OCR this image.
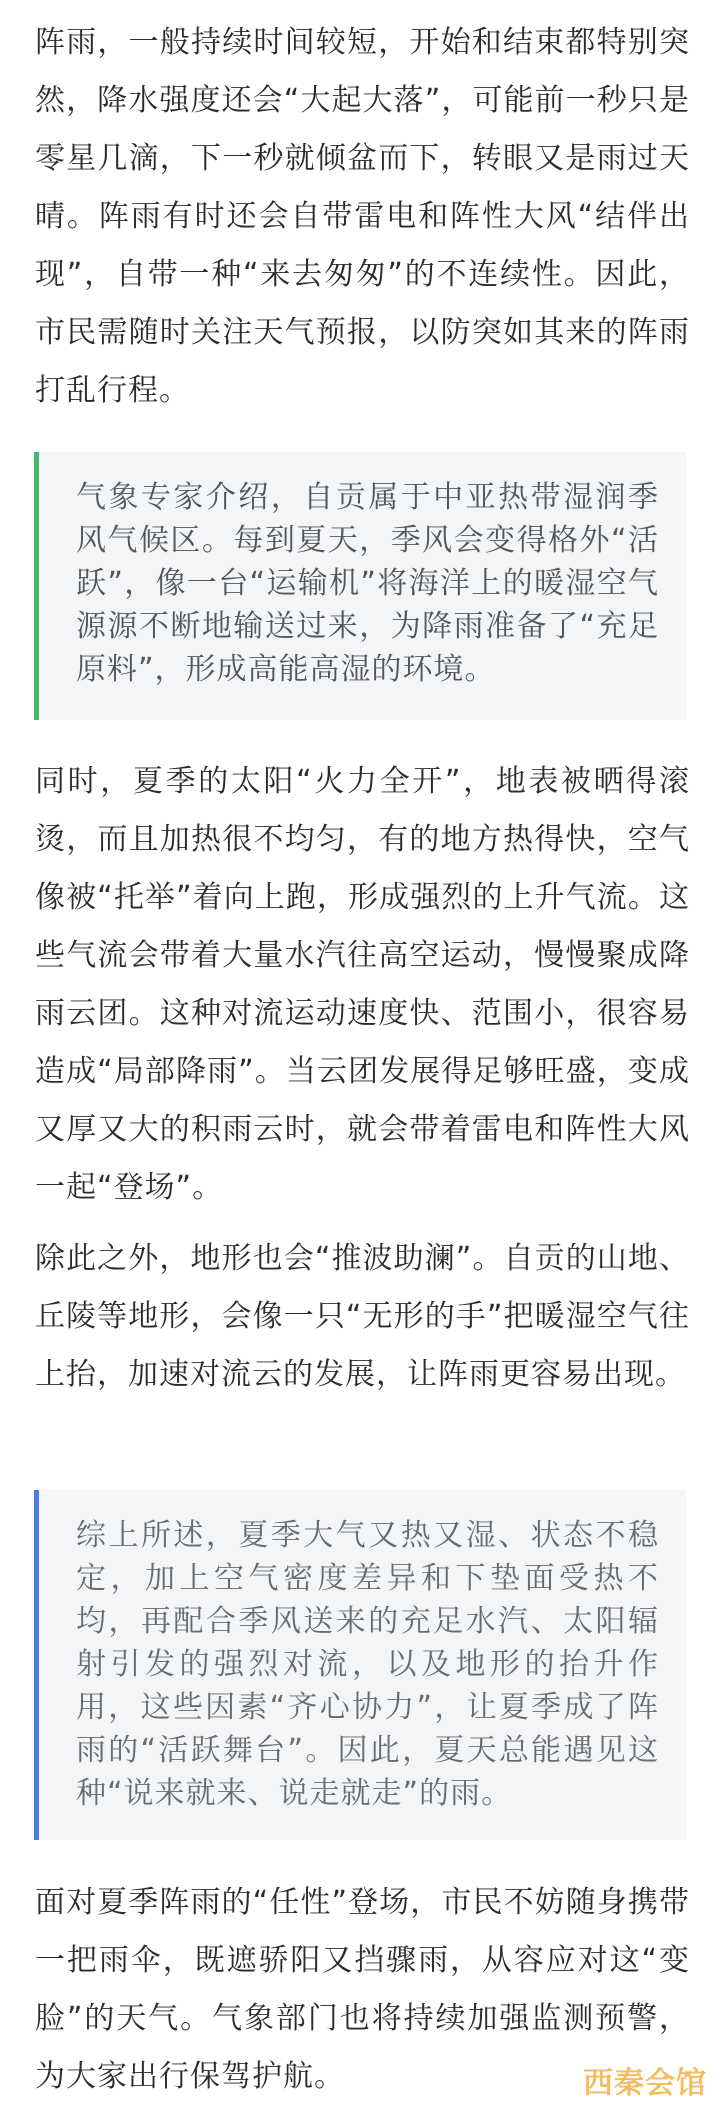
阵雨，一般持续时间较短，开始和结束都特别突然，降水强度还会“大起大落”，可能前一秒只是零星几滴，下一秒就倾盆而下，转眼又是雨过天晴。阵雨有时还会自带雷电和阵性大风“结伴出现”，自带一种“来去匆匆”的不连续性。因此，市民需随时关注天气预报，以防突如其来的阵雨打乱行程。

气象专家介绍，自贡属于中亚热带湿润季风气候区。每到夏天，季风会变得格外“活跃”，像一台“运输机”将海洋上的暖湿空气源源不断地输送过来，为降雨准备了“充足原料”，形成高能高湿的环境。

同时，夏季的太阳“火力全开”，地表被晒得滚烫，而且加热很不均匀，有的地方热得快，空气像被“托举”着向上跑，形成强烈的上升气流。这些气流会带着大量水汽往高空运动，慢慢聚成降雨云团。这种对流运动速度快、范围小，很容易造成“局部降雨”。当云团发展得足够旺盛，变成又厚又大的积雨云时，就会带着雷电和阵性大风一起“登场”。

除此之外，地形也会“推波助澜”。自贡的山地、丘陵等地形，会像一只“无形的手”把暖湿空气往上抬，加速对流云的发展，让阵雨更容易出现。

综上所述，夏季大气又热又湿、状态不稳定，加上空气密度差异和下垫面受热不均，再配合季风送来的充足水汽、太阳辐射引发的强烈对流，以及地形的抬升作用，这些因素“齐心协力”，让夏季成了阵雨的“活跃舞台”。因此，夏天总能遇见这种“说来就来、说走就走”的雨。

面对夏季阵雨的“任性”登场，市民不妨随身携带一把雨伞，既遮骄阳又挡骤雨，从容应对这“变脸”的天气。气象部门也将持续加强监测预警，为大家出行保驾护航。	西秦会馆
